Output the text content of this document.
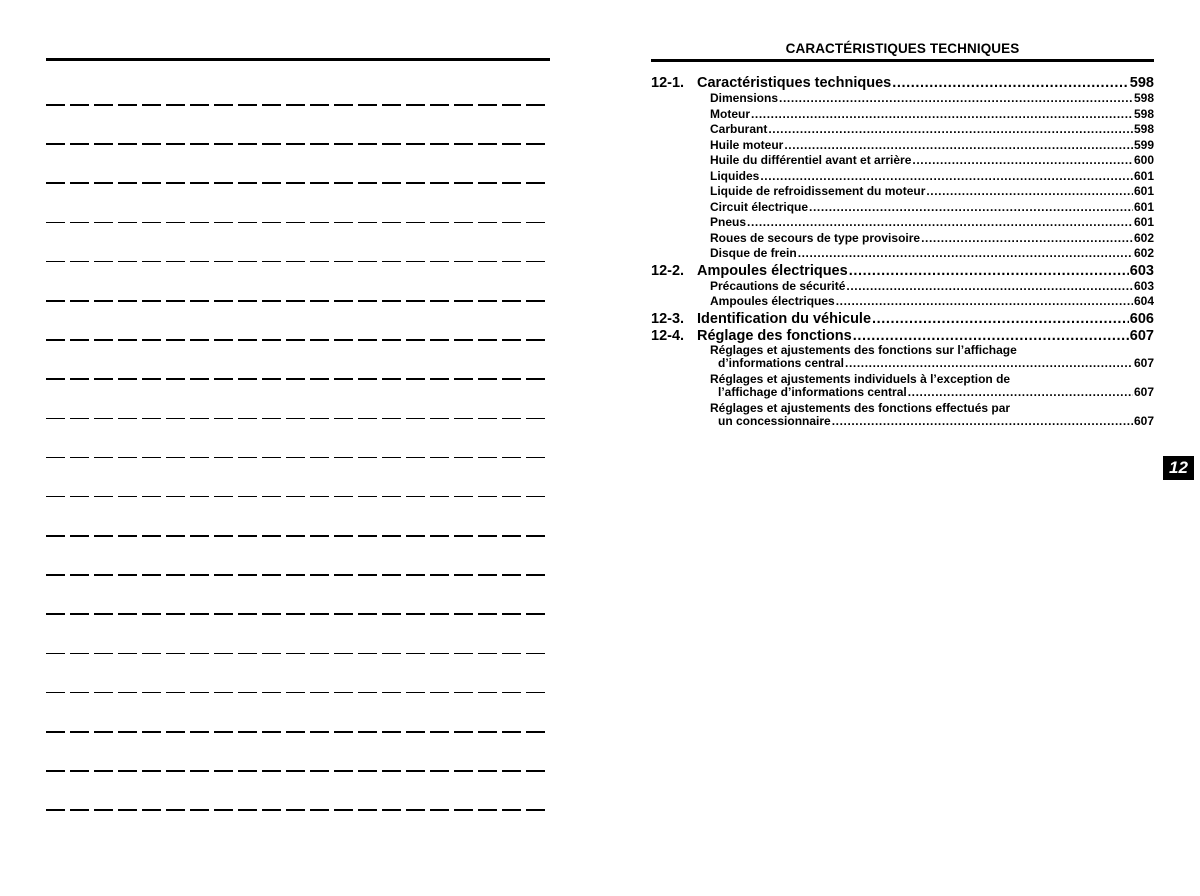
CARACTÉRISTIQUES TECHNIQUES
12-1. Caractéristiques techniques .....	598
Dimensions .....	598
Moteur .....	598
Carburant .....	598
Huile moteur .....	599
Huile du différentiel avant et arrière .....	600
Liquides .....	601
Liquide de refroidissement du moteur .....	601
Circuit électrique .....	601
Pneus .....	601
Roues de secours de type provisoire .....	602
Disque de frein .....	602
12-2. Ampoules électriques .....	603
Précautions de sécurité .....	603
Ampoules électriques .....	604
12-3. Identification du véhicule .....	606
12-4. Réglage des fonctions .....	607
Réglages et ajustements des fonctions sur l’affichage
d’informations central .....	607
Réglages et ajustements individuels à l’exception de
l’affichage d’informations central .....	607
Réglages et ajustements des fonctions effectués par
un concessionnaire .....	607
12
